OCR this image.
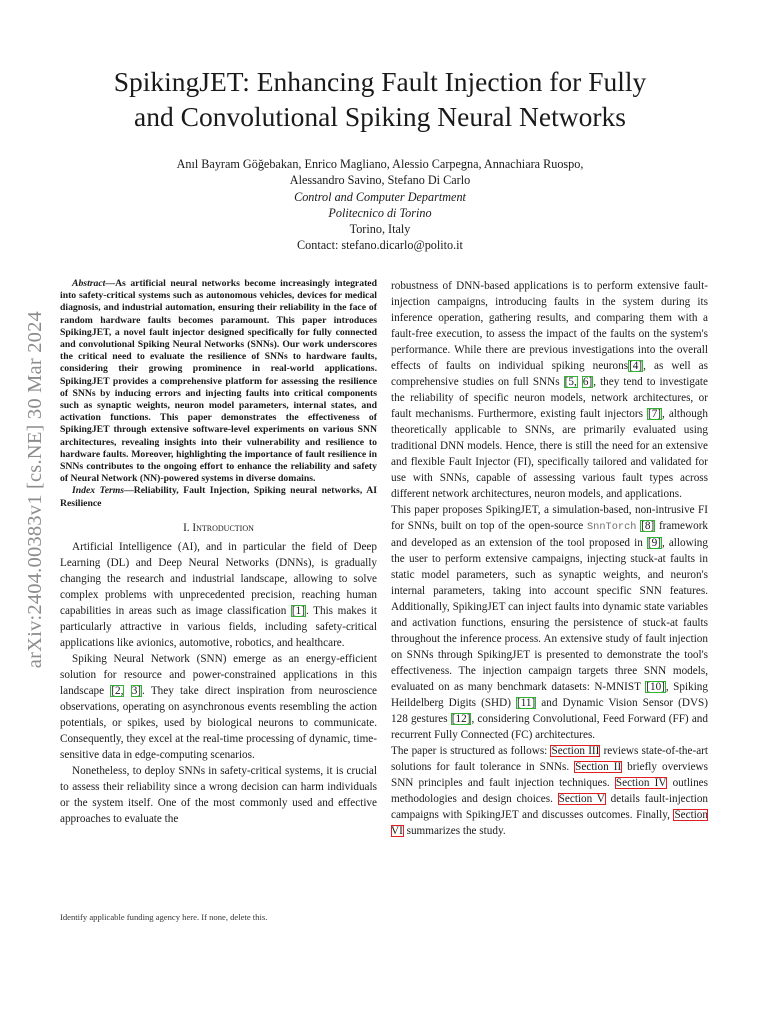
arXiv:2404.00383v1 [cs.NE] 30 Mar 2024
SpikingJET: Enhancing Fault Injection for Fully
and Convolutional Spiking Neural Networks
Anıl Bayram Göğebakan, Enrico Magliano, Alessio Carpegna, Annachiara Ruospo,
Alessandro Savino, Stefano Di Carlo
Control and Computer Department
Politecnico di Torino
Torino, Italy
Contact: stefano.dicarlo@polito.it

Abstract—As artificial neural networks become increasingly integrated into safety-critical systems such as autonomous vehicles, devices for medical diagnosis, and industrial automation, ensuring their reliability in the face of random hardware faults becomes paramount. This paper introduces SpikingJET, a novel fault injector designed specifically for fully connected and convolutional Spiking Neural Networks (SNNs). Our work underscores the critical need to evaluate the resilience of SNNs to hardware faults, considering their growing prominence in real-world applications. SpikingJET provides a comprehensive platform for assessing the resilience of SNNs by inducing errors and injecting faults into critical components such as synaptic weights, neuron model parameters, internal states, and activation functions. This paper demonstrates the effectiveness of SpikingJET through extensive software-level experiments on various SNN architectures, revealing insights into their vulnerability and resilience to hardware faults. Moreover, highlighting the importance of fault resilience in SNNs contributes to the ongoing effort to enhance the reliability and safety of Neural Network (NN)-powered systems in diverse domains.

Index Terms—Reliability, Fault Injection, Spiking neural networks, AI Resilience

I. Introduction

Artificial Intelligence (AI), and in particular the field of Deep Learning (DL) and Deep Neural Networks (DNNs), is gradually changing the research and industrial landscape, allowing to solve complex problems with unprecedented precision, reaching human capabilities in areas such as image classification [1]. This makes it particularly attractive in various fields, including safety-critical applications like avionics, automotive, robotics, and healthcare.

Spiking Neural Network (SNN) emerge as an energy-efficient solution for resource and power-constrained applications in this landscape [2, 3]. They take direct inspiration from neuroscience observations, operating on asynchronous events resembling the action potentials, or spikes, used by biological neurons to communicate. Consequently, they excel at the real-time processing of dynamic, time-sensitive data in edge-computing scenarios.

Nonetheless, to deploy SNNs in safety-critical systems, it is crucial to assess their reliability since a wrong decision can harm individuals or the system itself. One of the most commonly used and effective approaches to evaluate the

robustness of DNN-based applications is to perform extensive fault-injection campaigns, introducing faults in the system during its inference operation, gathering results, and comparing them with a fault-free execution, to assess the impact of the faults on the system's performance. While there are previous investigations into the overall effects of faults on individual spiking neurons[4], as well as comprehensive studies on full SNNs [5, 6], they tend to investigate the reliability of specific neuron models, network architectures, or fault mechanisms. Furthermore, existing fault injectors [7], although theoretically applicable to SNNs, are primarily evaluated using traditional DNN models. Hence, there is still the need for an extensive and flexible Fault Injector (FI), specifically tailored and validated for use with SNNs, capable of assessing various fault types across different network architectures, neuron models, and applications.

This paper proposes SpikingJET, a simulation-based, non-intrusive FI for SNNs, built on top of the open-source SnnTorch [8] framework and developed as an extension of the tool proposed in [9], allowing the user to perform extensive campaigns, injecting stuck-at faults in static model parameters, such as synaptic weights, and neuron's internal parameters, taking into account specific SNN features. Additionally, SpikingJET can inject faults into dynamic state variables and activation functions, ensuring the persistence of stuck-at faults throughout the inference process. An extensive study of fault injection on SNNs through SpikingJET is presented to demonstrate the tool's effectiveness. The injection campaign targets three SNN models, evaluated on as many benchmark datasets: N-MNIST [10], Spiking Heildelberg Digits (SHD) [11] and Dynamic Vision Sensor (DVS) 128 gestures [12], considering Convolutional, Feed Forward (FF) and recurrent Fully Connected (FC) architectures.

The paper is structured as follows: Section III reviews state-of-the-art solutions for fault tolerance in SNNs. Section II briefly overviews SNN principles and fault injection techniques. Section IV outlines methodologies and design choices. Section V details fault-injection campaigns with SpikingJET and discusses outcomes. Finally, Section VI summarizes the study.

Identify applicable funding agency here. If none, delete this.
